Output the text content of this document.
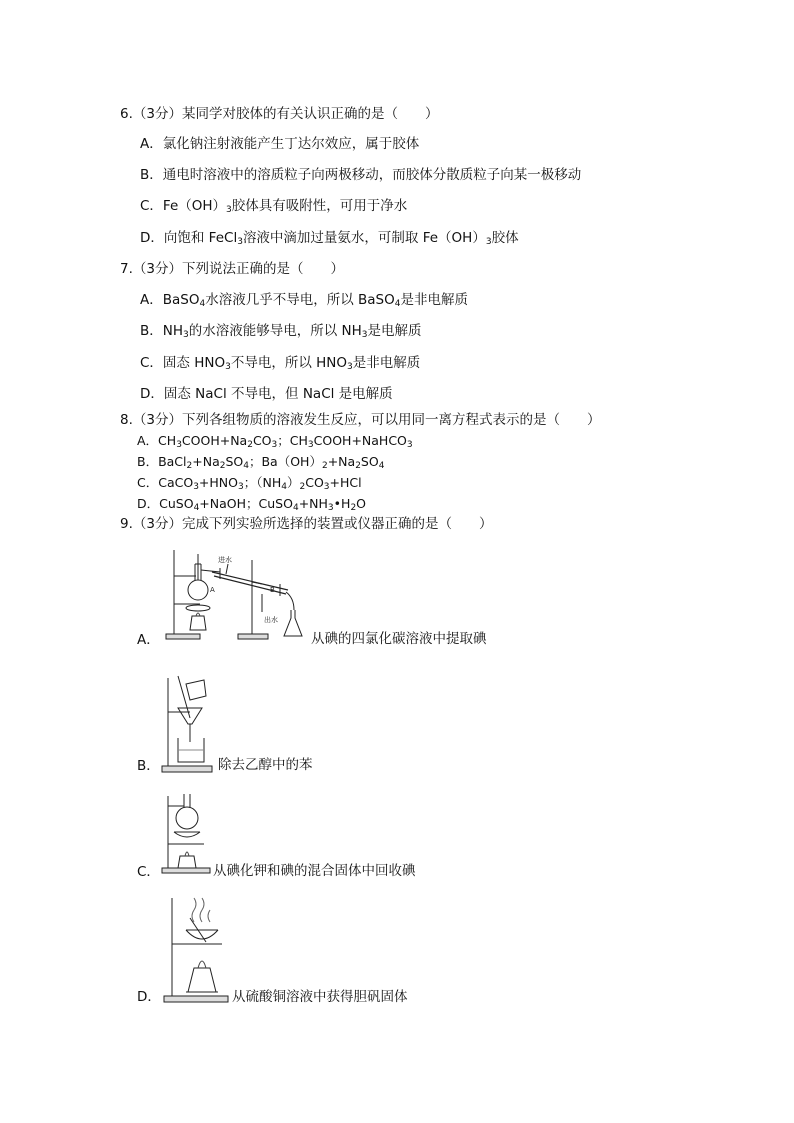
6.（3分）某同学对胶体的有关认识正确的是（　　）
A．氯化钠注射液能产生丁达尔效应，属于胶体
B．通电时溶液中的溶质粒子向两极移动，而胶体分散质粒子向某一极移动
C．$Fe(OH)_3$胶体具有吸附性，可用于净水
D．向饱和 FeCl$_3$溶液中滴加过量氨水，可制取 $Fe(OH)_3$胶体
7.（3分）下列说法正确的是（　　）
A．BaSO$_4$水溶液几乎不导电，所以 BaSO$_4$是非电解质
B．$NH_3$的水溶液能够导电，所以 $NH_3$是电解质
C．固态 $HNO_3$不导电，所以 $HNO_3$是非电解质
D．固态 NaCl 不导电，但 NaCl 是电解质
8.（3分）下列各组物质的溶液发生反应，可以用同一离方程式表示的是（　　）
A．$CH_3COOH+Na_2CO_3$；$CH_3COOH+NaHCO_3$
B．$BaCl_2+Na_2SO_4$；$Ba(OH)_2+Na_2SO_4$
C．$CaCO_3+HNO_3$；$(NH_4)_2CO_3+HCl$
D．CuSO$_4$+NaOH；$CuSO_4+NH_3•H_2O$
9.（3分）完成下列实验所选择的装置或仪器正确的是（　　）
A．
进水
出水
A	B
从碘的四氯化碳溶液中提取碘
B．	除去乙醇中的苯
C．	从碘化钾和碘的混合固体中回收碘
D．	从硫酸铜溶液中获得胆矾固体
